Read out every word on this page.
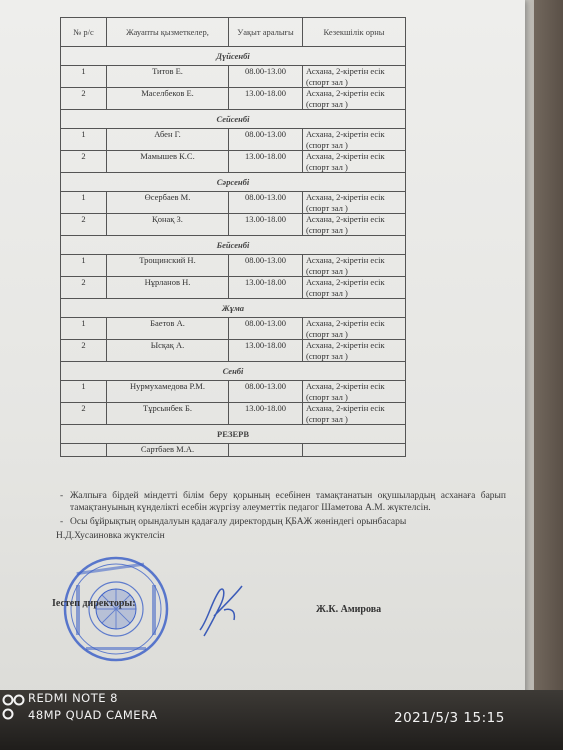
№ р/с	Жауапты қызметкелер,	Уақыт аралығы	Кезекшілік орны
Дүйсенбі			
1	Титов Е.	08.00-13.00	Асхана, 2-кіретін есік (спорт зал )
2	Маселбеков Е.	13.00-18.00	Асхана, 2-кіретін есік (спорт зал )
Сейсенбі			
1	Абен Г.	08.00-13.00	Асхана, 2-кіретін есік (спорт зал )
2	Мамышев К.С.	13.00-18.00	Асхана, 2-кіретін есік (спорт зал )
Сәрсенбі			
1	Өсербаев М.	08.00-13.00	Асхана, 2-кіретін есік (спорт зал )
2	Қонақ З.	13.00-18.00	Асхана, 2-кіретін есік (спорт зал )
Бейсенбі			
1	Трощинский Н.	08.00-13.00	Асхана, 2-кіретін есік (спорт зал )
2	Нұрланов Н.	13.00-18.00	Асхана, 2-кіретін есік (спорт зал )
Жұма			
1	Баетов А.	08.00-13.00	Асхана, 2-кіретін есік (спорт зал )
2	Ысқақ А.	13.00-18.00	Асхана, 2-кіретін есік (спорт зал )
Сенбі			
1	Нурмухамедова Р.М.	08.00-13.00	Асхана, 2-кіретін есік (спорт зал )
2	Тұрсынбек Б.	13.00-18.00	Асхана, 2-кіретін есік (спорт зал )
РЕЗЕРВ			
	Сартбаев М.А.		
- Жалпыға бірдей міндетті білім беру қорының есебінен тамақтанатын оқушылардың асханаға барып тамақтануының күнделікті есебін жүргізу әлеуметтік педагог Шаметова А.М. жүктелсін.
- Осы бұйрықтың орындалуын қадағалу директордың ҚБАЖ жөніндегі орынбасары
Н.Д.Хусаиновка жүктелсін
Іестеп директоры:
Ж.К. Амирова
REDMI NOTE 8
48MP QUAD CAMERA	2021/5/3 15:15
